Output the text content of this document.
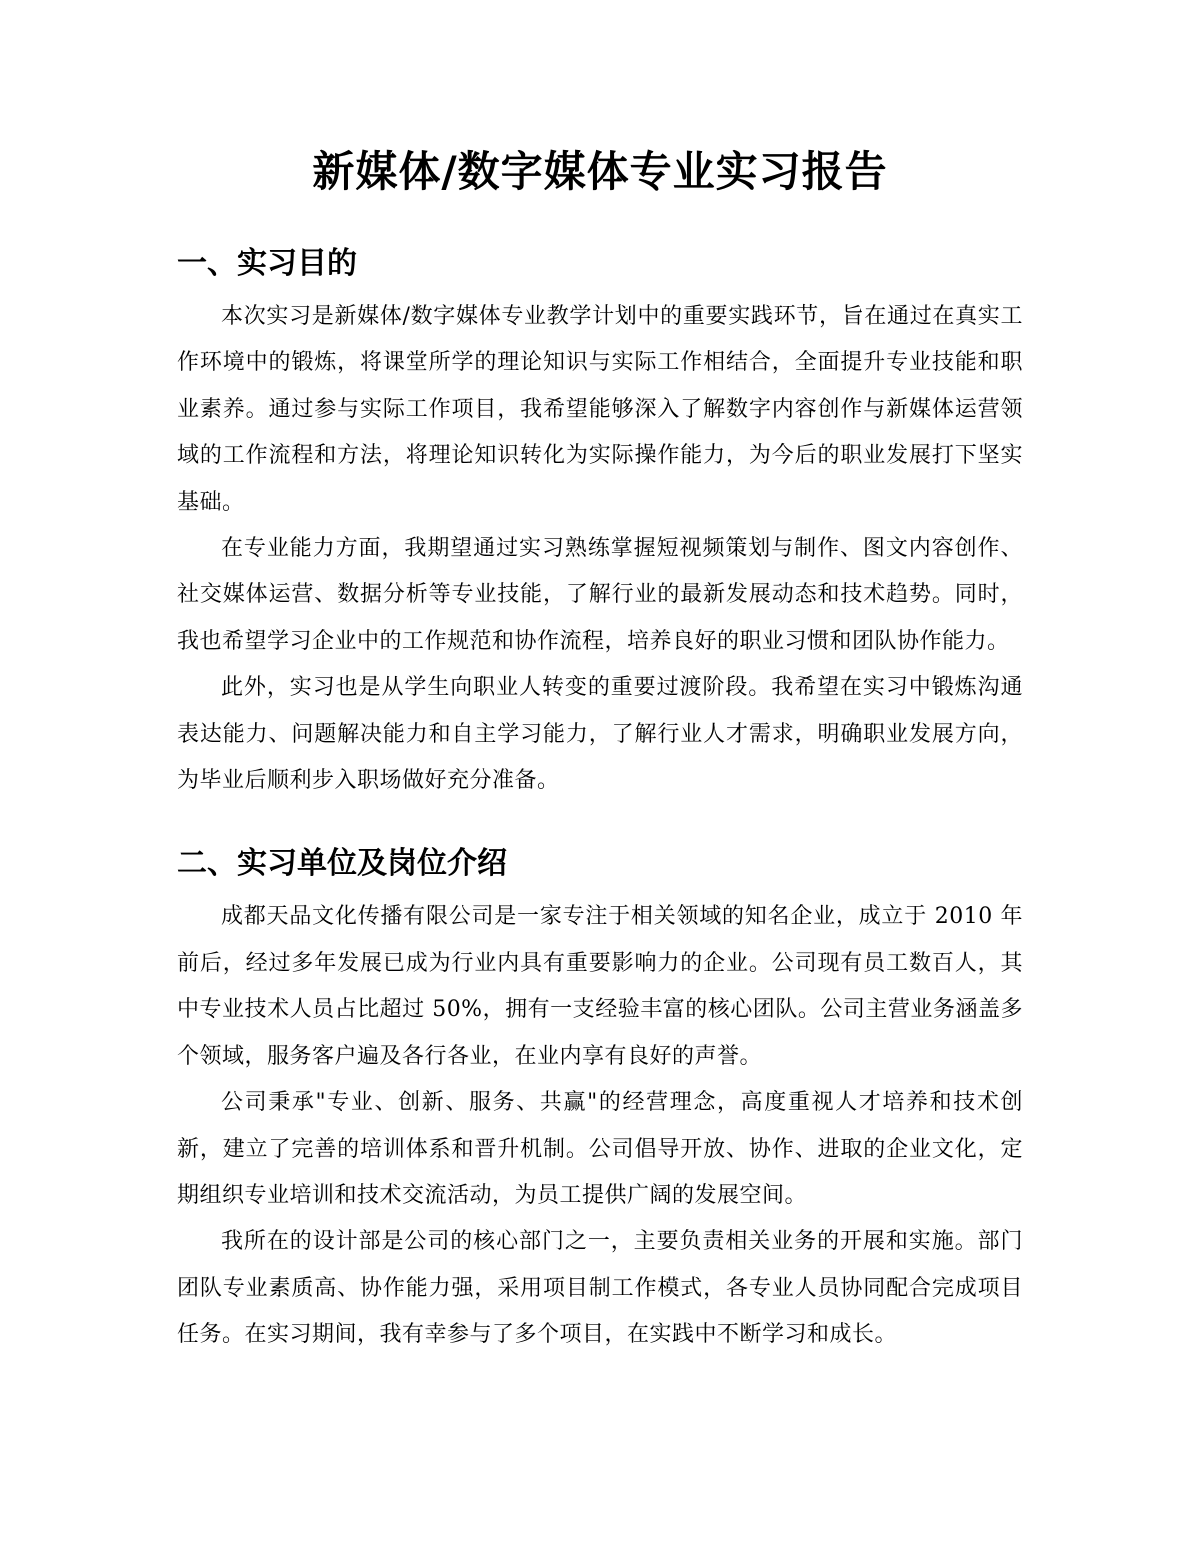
新媒体/数字媒体专业实习报告
一、实习目的

本次实习是新媒体/数字媒体专业教学计划中的重要实践环节，旨在通过在真实工作环境中的锻炼，将课堂所学的理论知识与实际工作相结合，全面提升专业技能和职业素养。通过参与实际工作项目，我希望能够深入了解数字内容创作与新媒体运营领域的工作流程和方法，将理论知识转化为实际操作能力，为今后的职业发展打下坚实基础。

在专业能力方面，我期望通过实习熟练掌握短视频策划与制作、图文内容创作、社交媒体运营、数据分析等专业技能，了解行业的最新发展动态和技术趋势。同时，我也希望学习企业中的工作规范和协作流程，培养良好的职业习惯和团队协作能力。

此外，实习也是从学生向职业人转变的重要过渡阶段。我希望在实习中锻炼沟通表达能力、问题解决能力和自主学习能力，了解行业人才需求，明确职业发展方向，为毕业后顺利步入职场做好充分准备。

二、实习单位及岗位介绍

成都天品文化传播有限公司是一家专注于相关领域的知名企业，成立于 2010 年前后，经过多年发展已成为行业内具有重要影响力的企业。公司现有员工数百人，其中专业技术人员占比超过 50%，拥有一支经验丰富的核心团队。公司主营业务涵盖多个领域，服务客户遍及各行各业，在业内享有良好的声誉。

公司秉承"专业、创新、服务、共赢"的经营理念，高度重视人才培养和技术创新，建立了完善的培训体系和晋升机制。公司倡导开放、协作、进取的企业文化，定期组织专业培训和技术交流活动，为员工提供广阔的发展空间。

我所在的设计部是公司的核心部门之一，主要负责相关业务的开展和实施。部门团队专业素质高、协作能力强，采用项目制工作模式，各专业人员协同配合完成项目任务。在实习期间，我有幸参与了多个项目，在实践中不断学习和成长。
